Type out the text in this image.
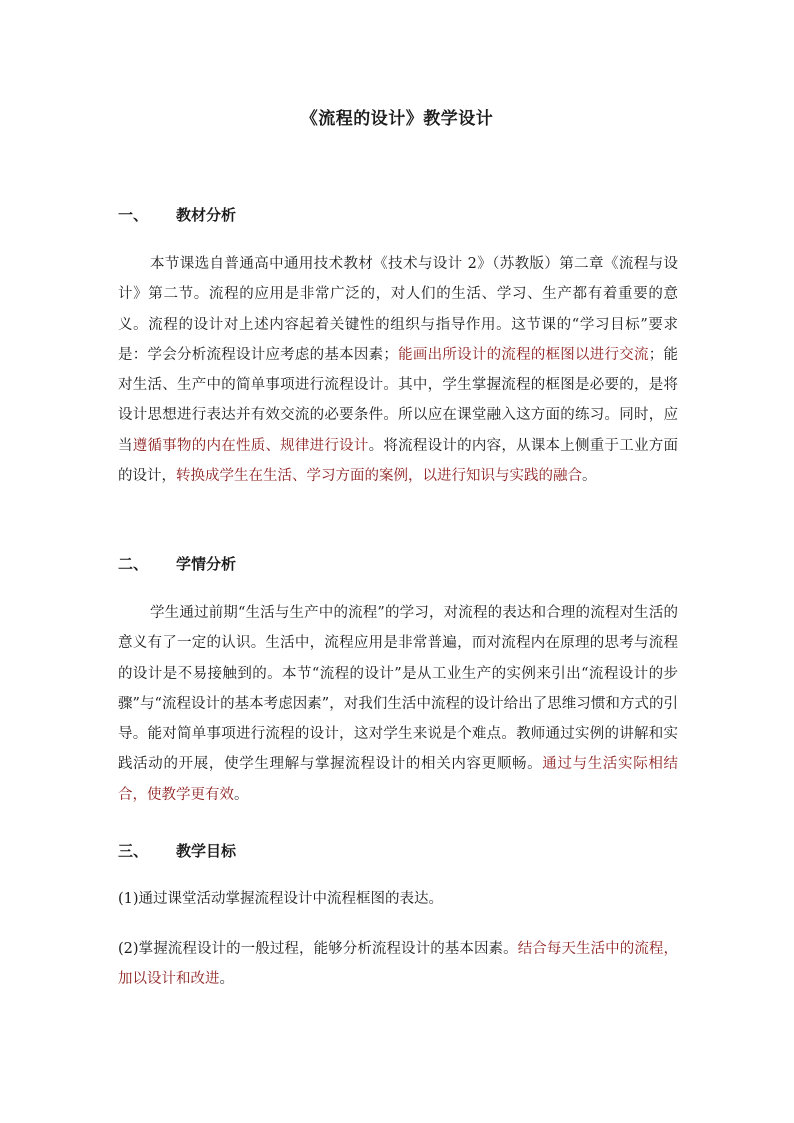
《流程的设计》教学设计
一、 教材分析
本节课选自普通高中通用技术教材《技术与设计 2》（苏教版）第二章《流程与设计》第二节。流程的应用是非常广泛的，对人们的生活、学习、生产都有着重要的意义。流程的设计对上述内容起着关键性的组织与指导作用。这节课的“学习目标”要求是：学会分析流程设计应考虑的基本因素；能画出所设计的流程的框图以进行交流；能对生活、生产中的简单事项进行流程设计。其中，学生掌握流程的框图是必要的，是将设计思想进行表达并有效交流的必要条件。所以应在课堂融入这方面的练习。同时，应当遵循事物的内在性质、规律进行设计。将流程设计的内容，从课本上侧重于工业方面的设计，转换成学生在生活、学习方面的案例，以进行知识与实践的融合。
二、 学情分析
学生通过前期“生活与生产中的流程”的学习，对流程的表达和合理的流程对生活的意义有了一定的认识。生活中，流程应用是非常普遍，而对流程内在原理的思考与流程的设计是不易接触到的。本节“流程的设计”是从工业生产的实例来引出“流程设计的步骤”与“流程设计的基本考虑因素”，对我们生活中流程的设计给出了思维习惯和方式的引导。能对简单事项进行流程的设计，这对学生来说是个难点。教师通过实例的讲解和实践活动的开展，使学生理解与掌握流程设计的相关内容更顺畅。通过与生活实际相结合，使教学更有效。
三、 教学目标
(1)通过课堂活动掌握流程设计中流程框图的表达。
(2)掌握流程设计的一般过程，能够分析流程设计的基本因素。结合每天生活中的流程，加以设计和改进。
